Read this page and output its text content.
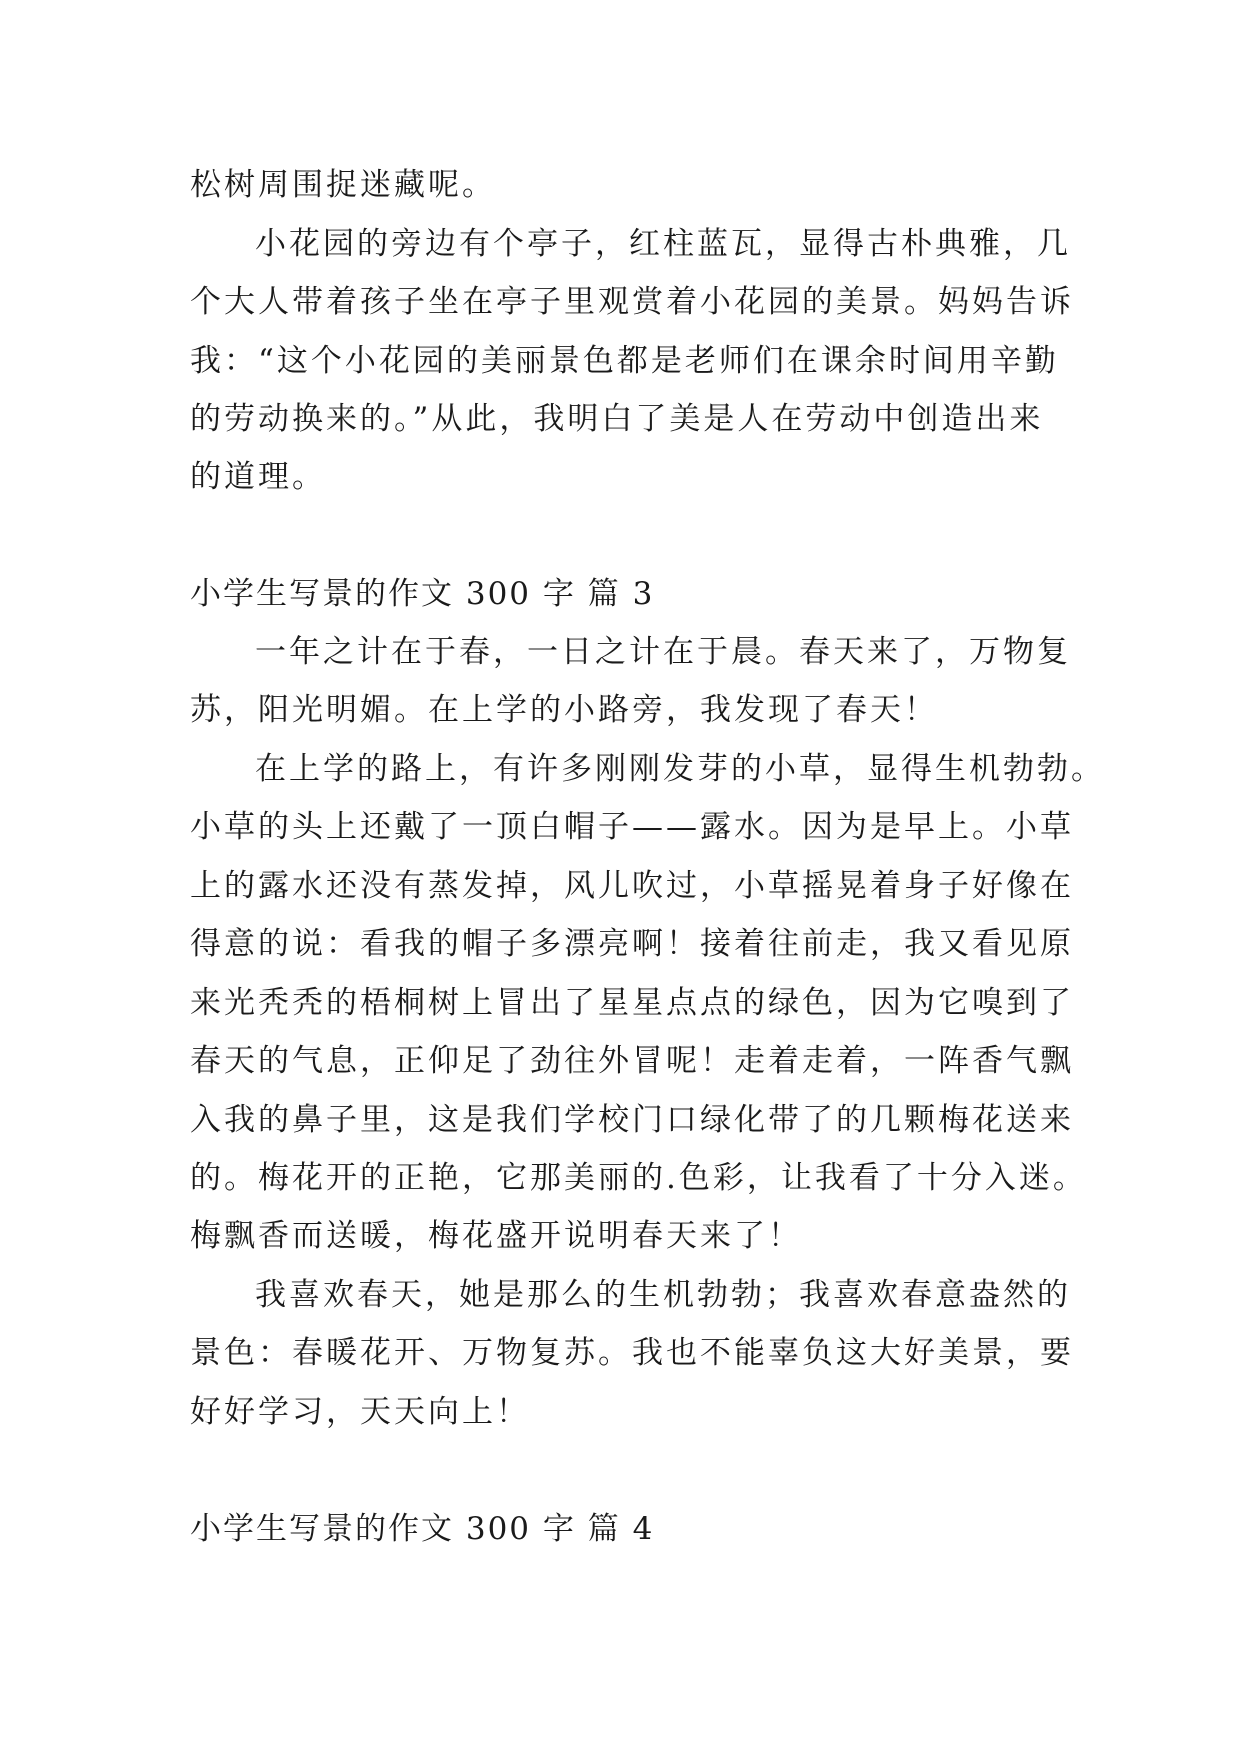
松树周围捉迷藏呢。
小花园的旁边有个亭子，红柱蓝瓦，显得古朴典雅，几
个大人带着孩子坐在亭子里观赏着小花园的美景。妈妈告诉
我：“这个小花园的美丽景色都是老师们在课余时间用辛勤
的劳动换来的。”从此，我明白了美是人在劳动中创造出来
的道理。
小学生写景的作文 300 字 篇 3
一年之计在于春，一日之计在于晨。春天来了，万物复
苏，阳光明媚。在上学的小路旁，我发现了春天！
在上学的路上，有许多刚刚发芽的小草，显得生机勃勃。
小草的头上还戴了一顶白帽子——露水。因为是早上。小草
上的露水还没有蒸发掉，风儿吹过，小草摇晃着身子好像在
得意的说：看我的帽子多漂亮啊！接着往前走，我又看见原
来光秃秃的梧桐树上冒出了星星点点的绿色，因为它嗅到了
春天的气息，正仰足了劲往外冒呢！走着走着，一阵香气飘
入我的鼻子里，这是我们学校门口绿化带了的几颗梅花送来
的。梅花开的正艳，它那美丽的.色彩，让我看了十分入迷。
梅飘香而送暖，梅花盛开说明春天来了！
我喜欢春天，她是那么的生机勃勃；我喜欢春意盎然的
景色：春暖花开、万物复苏。我也不能辜负这大好美景，要
好好学习，天天向上！
小学生写景的作文 300 字 篇 4
